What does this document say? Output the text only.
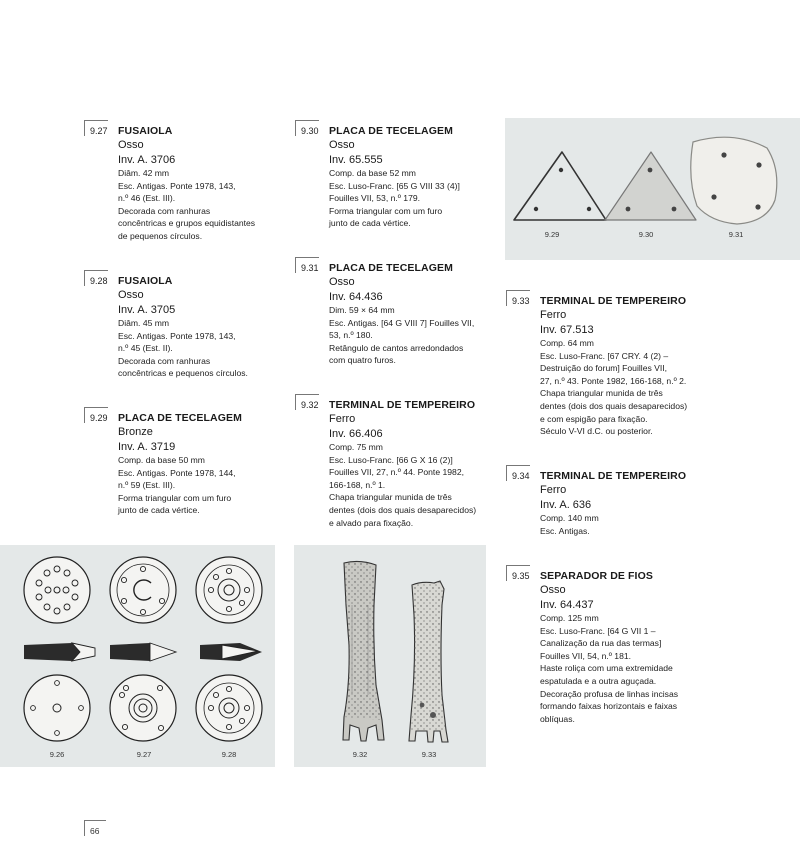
9.27 FUSAIOLA
Osso
Inv. A. 3706
Diâm. 42 mm
Esc. Antigas. Ponte 1978, 143,
n.º 46 (Est. III).
Decorada com ranhuras
concêntricas e grupos equidistantes
de pequenos círculos.
9.28 FUSAIOLA
Osso
Inv. A. 3705
Diâm. 45 mm
Esc. Antigas. Ponte 1978, 143,
n.º 45 (Est. II).
Decorada com ranhuras
concêntricas e pequenos círculos.
9.29 PLACA DE TECELAGEM
Bronze
Inv. A. 3719
Comp. da base 50 mm
Esc. Antigas. Ponte 1978, 144,
n.º 59 (Est. III).
Forma triangular com um furo
junto de cada vértice.
9.30 PLACA DE TECELAGEM
Osso
Inv. 65.555
Comp. da base 52 mm
Esc. Luso-Franc. [65 G VIII 33 (4)]
Fouilles VII, 53, n.º 179.
Forma triangular com um furo
junto de cada vértice.
9.31 PLACA DE TECELAGEM
Osso
Inv. 64.436
Dim. 59 × 64 mm
Esc. Antigas. [64 G VIII 7] Fouilles VII,
53, n.º 180.
Retângulo de cantos arredondados
com quatro furos.
9.32 TERMINAL DE TEMPEREIRO
Ferro
Inv. 66.406
Comp. 75 mm
Esc. Luso-Franc. [66 G X 16 (2)]
Fouilles VII, 27, n.º 44. Ponte 1982,
166-168, n.º 1.
Chapa triangular munida de três
dentes (dois dos quais desaparecidos)
e alvado para fixação.
9.33 TERMINAL DE TEMPEREIRO
Ferro
Inv. 67.513
Comp. 64 mm
Esc. Luso-Franc. [67 CRY. 4 (2) –
Destruição do forum] Fouilles VII,
27, n.º 43. Ponte 1982, 166-168, n.º 2.
Chapa triangular munida de três
dentes (dois dos quais desaparecidos)
e com espigão para fixação.
Século V-VI d.C. ou posterior.
9.34 TERMINAL DE TEMPEREIRO
Ferro
Inv. A. 636
Comp. 140 mm
Esc. Antigas.
9.35 SEPARADOR DE FIOS
Osso
Inv. 64.437
Comp. 125 mm
Esc. Luso-Franc. [64 G VII 1 –
Canalização da rua das termas]
Fouilles VII, 54, n.º 181.
Haste roliça com uma extremidade
espatulada e a outra aguçada.
Decoração profusa de linhas incisas
formando faixas horizontais e faixas
oblíquas.
9.29	9.30	9.31
9.26	9.27	9.28	9.32	9.33
66
